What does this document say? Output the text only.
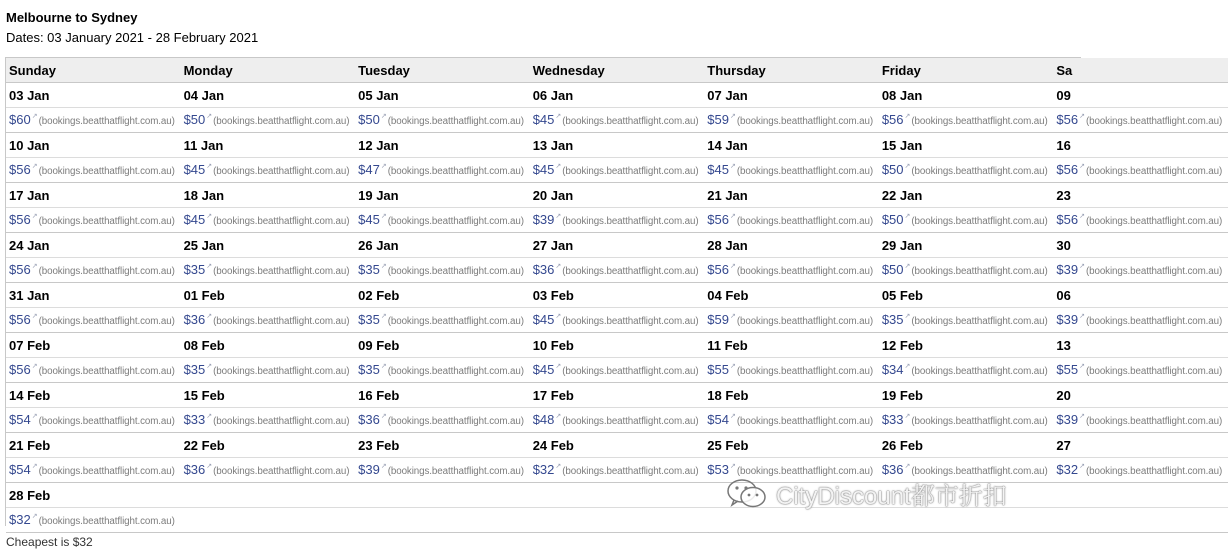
Melbourne to Sydney
Dates: 03 January 2021 - 28 February 2021
Sunday	Monday	Tuesday	Wednesday	Thursday	Friday	Sa
03 Jan	04 Jan	05 Jan	06 Jan	07 Jan	08 Jan	09
$60↗(bookings.beatthatflight.com.au)	$50↗(bookings.beatthatflight.com.au)	$50↗(bookings.beatthatflight.com.au)	$45↗(bookings.beatthatflight.com.au)	$59↗(bookings.beatthatflight.com.au)	$56↗(bookings.beatthatflight.com.au)	$56↗(bookings.beatthatflight.com.au)
10 Jan	11 Jan	12 Jan	13 Jan	14 Jan	15 Jan	16
$56↗(bookings.beatthatflight.com.au)	$45↗(bookings.beatthatflight.com.au)	$47↗(bookings.beatthatflight.com.au)	$45↗(bookings.beatthatflight.com.au)	$45↗(bookings.beatthatflight.com.au)	$50↗(bookings.beatthatflight.com.au)	$56↗(bookings.beatthatflight.com.au)
17 Jan	18 Jan	19 Jan	20 Jan	21 Jan	22 Jan	23
$56↗(bookings.beatthatflight.com.au)	$45↗(bookings.beatthatflight.com.au)	$45↗(bookings.beatthatflight.com.au)	$39↗(bookings.beatthatflight.com.au)	$56↗(bookings.beatthatflight.com.au)	$50↗(bookings.beatthatflight.com.au)	$56↗(bookings.beatthatflight.com.au)
24 Jan	25 Jan	26 Jan	27 Jan	28 Jan	29 Jan	30
$56↗(bookings.beatthatflight.com.au)	$35↗(bookings.beatthatflight.com.au)	$35↗(bookings.beatthatflight.com.au)	$36↗(bookings.beatthatflight.com.au)	$56↗(bookings.beatthatflight.com.au)	$50↗(bookings.beatthatflight.com.au)	$39↗(bookings.beatthatflight.com.au)
31 Jan	01 Feb	02 Feb	03 Feb	04 Feb	05 Feb	06
$56↗(bookings.beatthatflight.com.au)	$36↗(bookings.beatthatflight.com.au)	$35↗(bookings.beatthatflight.com.au)	$45↗(bookings.beatthatflight.com.au)	$59↗(bookings.beatthatflight.com.au)	$35↗(bookings.beatthatflight.com.au)	$39↗(bookings.beatthatflight.com.au)
07 Feb	08 Feb	09 Feb	10 Feb	11 Feb	12 Feb	13
$56↗(bookings.beatthatflight.com.au)	$35↗(bookings.beatthatflight.com.au)	$35↗(bookings.beatthatflight.com.au)	$45↗(bookings.beatthatflight.com.au)	$55↗(bookings.beatthatflight.com.au)	$34↗(bookings.beatthatflight.com.au)	$55↗(bookings.beatthatflight.com.au)
14 Feb	15 Feb	16 Feb	17 Feb	18 Feb	19 Feb	20
$54↗(bookings.beatthatflight.com.au)	$33↗(bookings.beatthatflight.com.au)	$36↗(bookings.beatthatflight.com.au)	$48↗(bookings.beatthatflight.com.au)	$54↗(bookings.beatthatflight.com.au)	$33↗(bookings.beatthatflight.com.au)	$39↗(bookings.beatthatflight.com.au)
21 Feb	22 Feb	23 Feb	24 Feb	25 Feb	26 Feb	27
$54↗(bookings.beatthatflight.com.au)	$36↗(bookings.beatthatflight.com.au)	$39↗(bookings.beatthatflight.com.au)	$32↗(bookings.beatthatflight.com.au)	$53↗(bookings.beatthatflight.com.au)	$36↗(bookings.beatthatflight.com.au)	$32↗(bookings.beatthatflight.com.au)
28 Feb						
$32↗(bookings.beatthatflight.com.au)						
Cheapest is $32
CityDiscount都市折扣
